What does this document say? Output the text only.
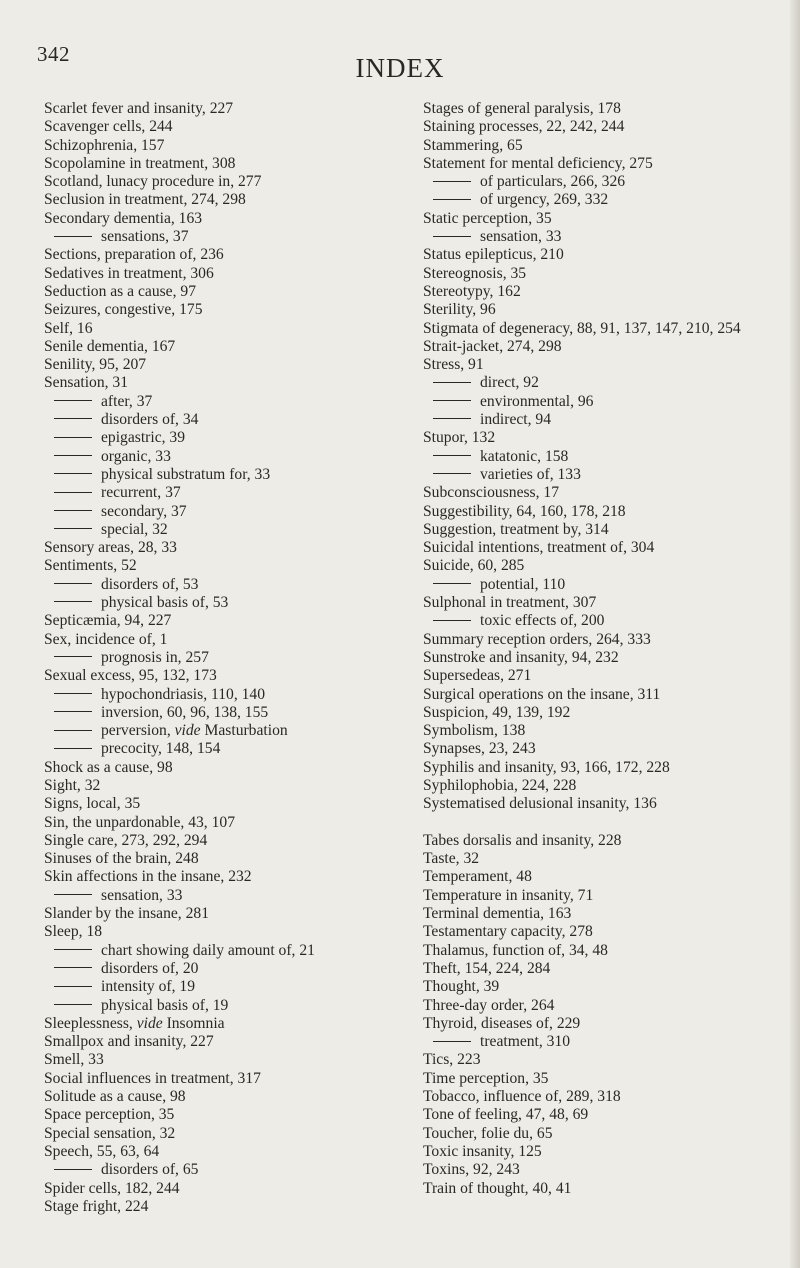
342	INDEX
Scarlet fever and insanity, 227
Scavenger cells, 244
Schizophrenia, 157
Scopolamine in treatment, 308
Scotland, lunacy procedure in, 277
Seclusion in treatment, 274, 298
Secondary dementia, 163
sensations, 37
Sections, preparation of, 236
Sedatives in treatment, 306
Seduction as a cause, 97
Seizures, congestive, 175
Self, 16
Senile dementia, 167
Senility, 95, 207
Sensation, 31
after, 37
disorders of, 34
epigastric, 39
organic, 33
physical substratum for, 33
recurrent, 37
secondary, 37
special, 32
Sensory areas, 28, 33
Sentiments, 52
disorders of, 53
physical basis of, 53
Septicæmia, 94, 227
Sex, incidence of, 1
prognosis in, 257
Sexual excess, 95, 132, 173
hypochondriasis, 110, 140
inversion, 60, 96, 138, 155
perversion, vide Masturbation
precocity, 148, 154
Shock as a cause, 98
Sight, 32
Signs, local, 35
Sin, the unpardonable, 43, 107
Single care, 273, 292, 294
Sinuses of the brain, 248
Skin affections in the insane, 232
sensation, 33
Slander by the insane, 281
Sleep, 18
chart showing daily amount of, 21
disorders of, 20
intensity of, 19
physical basis of, 19
Sleeplessness, vide Insomnia
Smallpox and insanity, 227
Smell, 33
Social influences in treatment, 317
Solitude as a cause, 98
Space perception, 35
Special sensation, 32
Speech, 55, 63, 64
disorders of, 65
Spider cells, 182, 244
Stage fright, 224
Stages of general paralysis, 178
Staining processes, 22, 242, 244
Stammering, 65
Statement for mental deficiency, 275
of particulars, 266, 326
of urgency, 269, 332
Static perception, 35
sensation, 33
Status epilepticus, 210
Stereognosis, 35
Stereotypy, 162
Sterility, 96
Stigmata of degeneracy, 88, 91, 137, 147, 210, 254
Strait-jacket, 274, 298
Stress, 91
direct, 92
environmental, 96
indirect, 94
Stupor, 132
katatonic, 158
varieties of, 133
Subconsciousness, 17
Suggestibility, 64, 160, 178, 218
Suggestion, treatment by, 314
Suicidal intentions, treatment of, 304
Suicide, 60, 285
potential, 110
Sulphonal in treatment, 307
toxic effects of, 200
Summary reception orders, 264, 333
Sunstroke and insanity, 94, 232
Supersedeas, 271
Surgical operations on the insane, 311
Suspicion, 49, 139, 192
Symbolism, 138
Synapses, 23, 243
Syphilis and insanity, 93, 166, 172, 228
Syphilophobia, 224, 228
Systematised delusional insanity, 136
Tabes dorsalis and insanity, 228
Taste, 32
Temperament, 48
Temperature in insanity, 71
Terminal dementia, 163
Testamentary capacity, 278
Thalamus, function of, 34, 48
Theft, 154, 224, 284
Thought, 39
Three-day order, 264
Thyroid, diseases of, 229
treatment, 310
Tics, 223
Time perception, 35
Tobacco, influence of, 289, 318
Tone of feeling, 47, 48, 69
Toucher, folie du, 65
Toxic insanity, 125
Toxins, 92, 243
Train of thought, 40, 41
